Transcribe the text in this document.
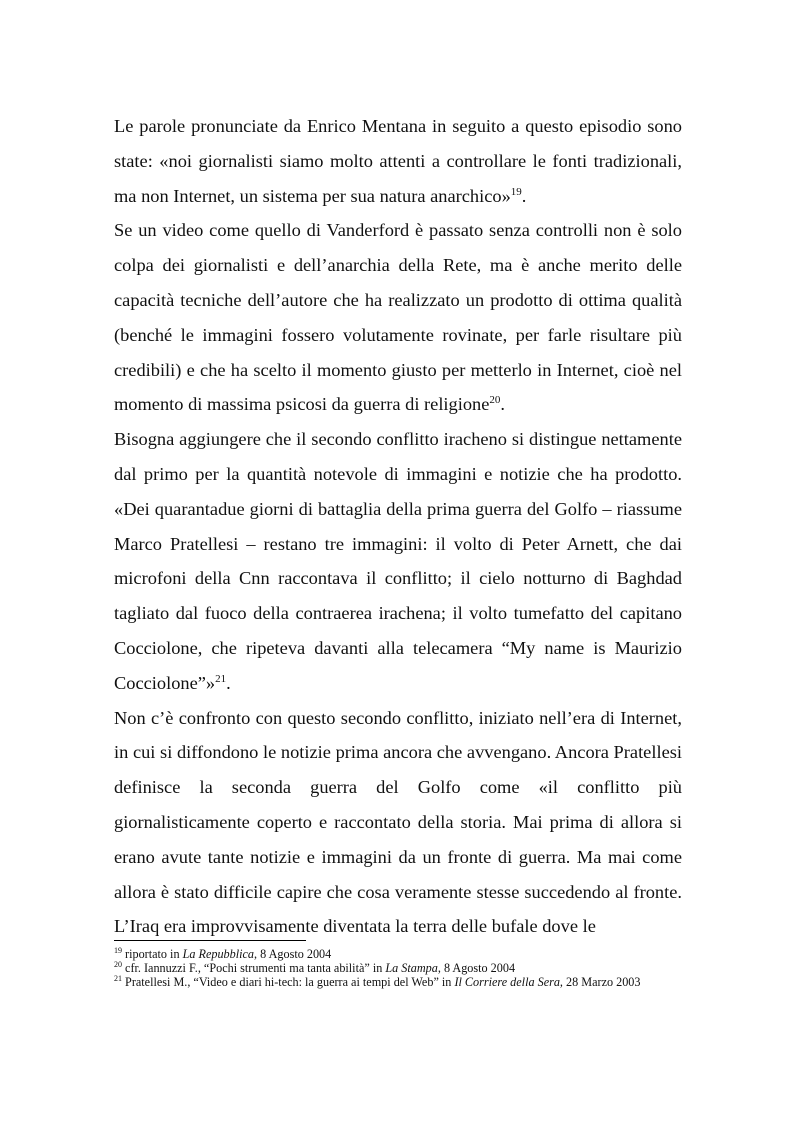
Le parole pronunciate da Enrico Mentana in seguito a questo episodio sono state: «noi giornalisti siamo molto attenti a controllare le fonti tradizionali, ma non Internet, un sistema per sua natura anarchico»$^{19}$.

Se un video come quello di Vanderford è passato senza controlli non è solo colpa dei giornalisti e dell’anarchia della Rete, ma è anche merito delle capacità tecniche dell’autore che ha realizzato un prodotto di ottima qualità (benché le immagini fossero volutamente rovinate, per farle risultare più credibili) e che ha scelto il momento giusto per metterlo in Internet, cioè nel momento di massima psicosi da guerra di religione$^{20}$.

Bisogna aggiungere che il secondo conflitto iracheno si distingue nettamente dal primo per la quantità notevole di immagini e notizie che ha prodotto. «Dei quarantadue giorni di battaglia della prima guerra del Golfo – riassume Marco Pratellesi – restano tre immagini: il volto di Peter Arnett, che dai microfoni della Cnn raccontava il conflitto; il cielo notturno di Baghdad tagliato dal fuoco della contraerea irachena; il volto tumefatto del capitano Cocciolone, che ripeteva davanti alla telecamera “My name is Maurizio Cocciolone”»$^{21}$.

Non c’è confronto con questo secondo conflitto, iniziato nell’era di Internet, in cui si diffondono le notizie prima ancora che avvengano. Ancora Pratellesi definisce la seconda guerra del Golfo come «il conflitto più giornalisticamente coperto e raccontato della storia. Mai prima di allora si erano avute tante notizie e immagini da un fronte di guerra. Ma mai come allora è stato difficile capire che cosa veramente stesse succedendo al fronte. L’Iraq era improvvisamente diventata la terra delle bufale dove le

$^{19}$ riportato in La Repubblica, 8 Agosto 2004
$^{20}$ cfr. Iannuzzi F., “Pochi strumenti ma tanta abilità” in La Stampa, 8 Agosto 2004
$^{21}$ Pratellesi M., “Video e diari hi-tech: la guerra ai tempi del Web” in Il Corriere della Sera, 28 Marzo 2003
